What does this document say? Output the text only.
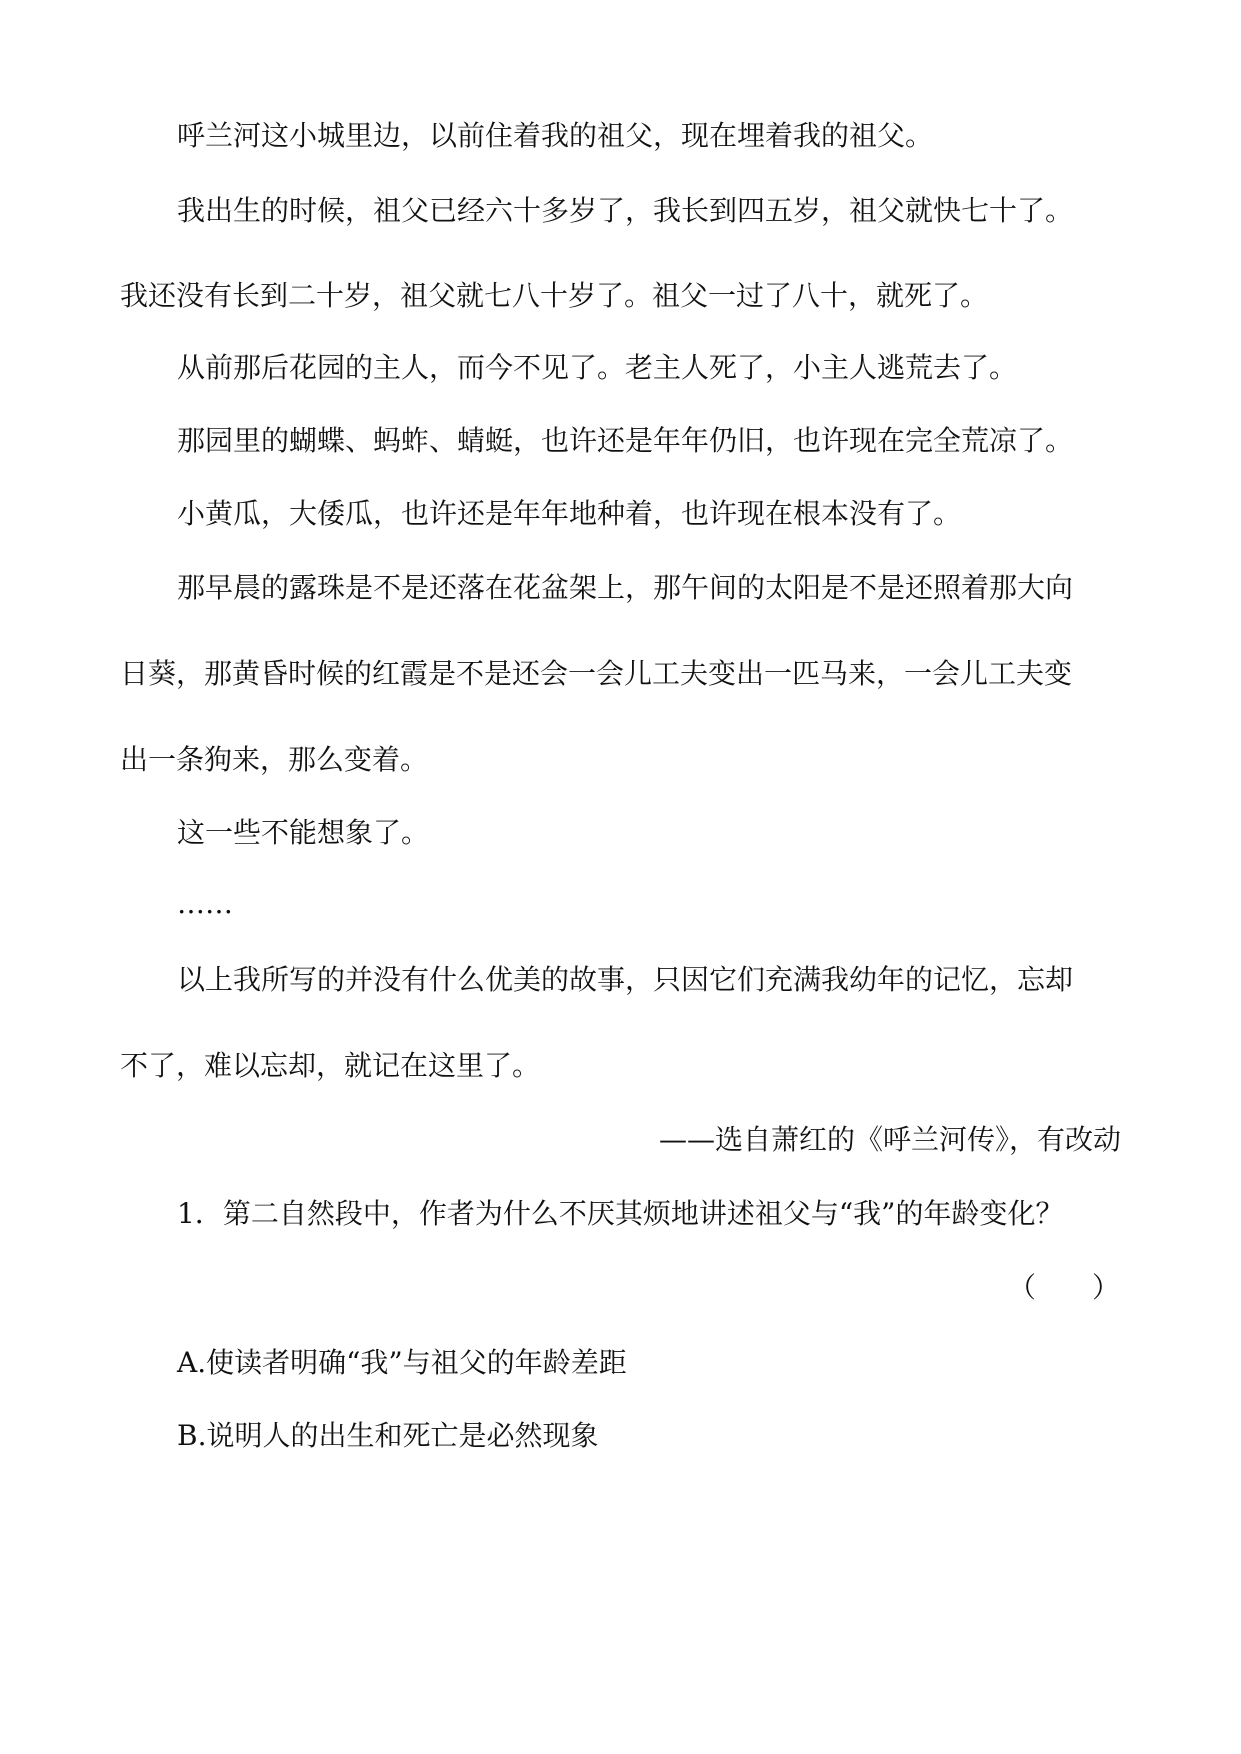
呼兰河这小城里边，以前住着我的祖父，现在埋着我的祖父。

我出生的时候，祖父已经六十多岁了，我长到四五岁，祖父就快七十了。

我还没有长到二十岁，祖父就七八十岁了。祖父一过了八十，就死了。

从前那后花园的主人，而今不见了。老主人死了，小主人逃荒去了。

那园里的蝴蝶、蚂蚱、蜻蜓，也许还是年年仍旧，也许现在完全荒凉了。

小黄瓜，大倭瓜，也许还是年年地种着，也许现在根本没有了。

那早晨的露珠是不是还落在花盆架上，那午间的太阳是不是还照着那大向

日葵，那黄昏时候的红霞是不是还会一会儿工夫变出一匹马来，一会儿工夫变

出一条狗来，那么变着。

这一些不能想象了。

……

以上我所写的并没有什么优美的故事，只因它们充满我幼年的记忆，忘却

不了，难以忘却，就记在这里了。

——选自萧红的《呼兰河传》，有改动

1．第二自然段中，作者为什么不厌其烦地讲述祖父与“我”的年龄变化？

（　　）

A.使读者明确“我”与祖父的年龄差距

B.说明人的出生和死亡是必然现象
